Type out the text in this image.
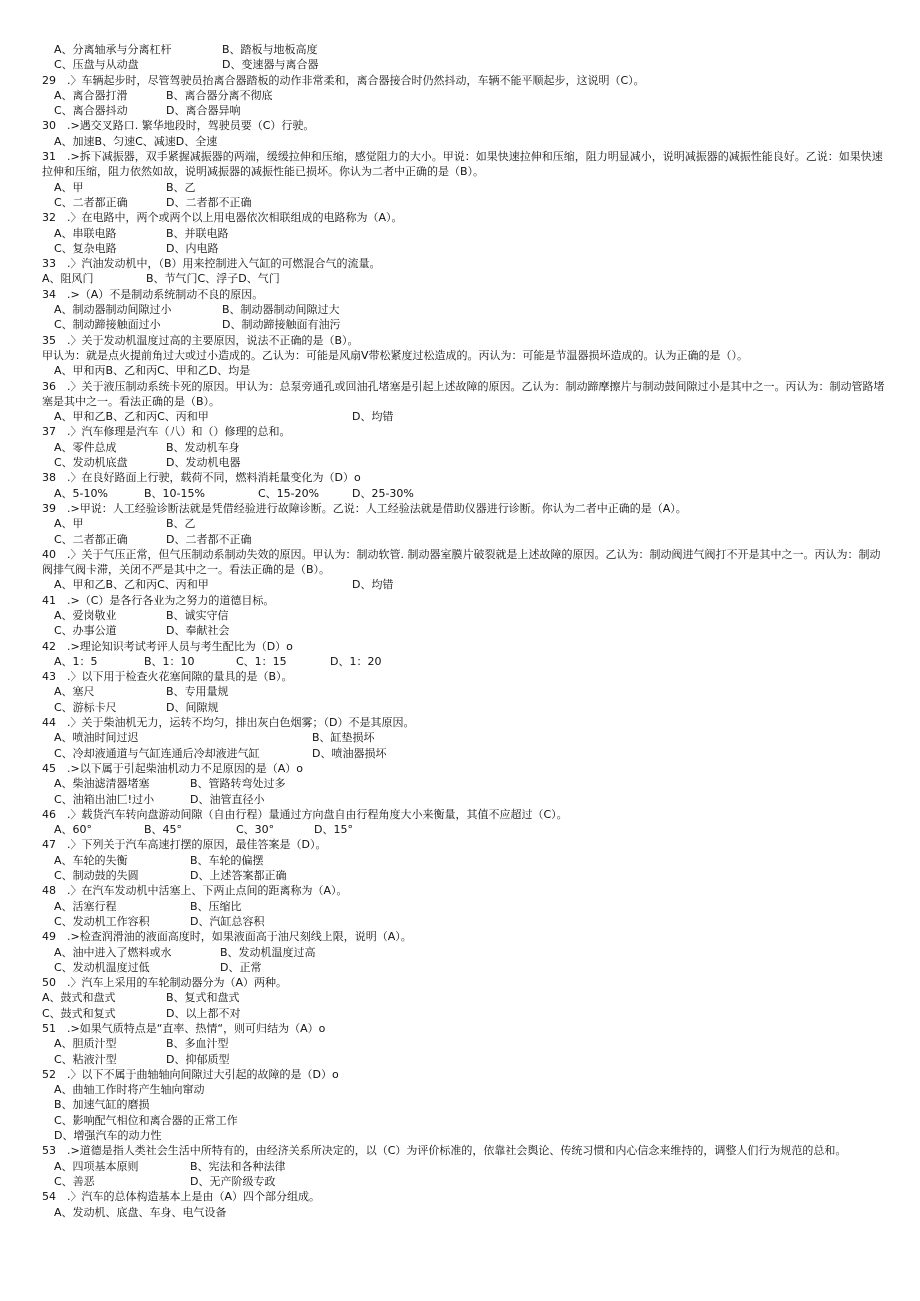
A、分离轴承与分离杠杆	B、踏板与地板高度
C、压盘与从动盘	D、变速器与离合器
29　.〉车辆起步时，尽管驾驶员抬离合器踏板的动作非常柔和，离合器接合时仍然抖动，车辆不能平顺起步，这说明（C）。
A、离合器打滑	B、离合器分离不彻底
C、离合器抖动	D、离合器异响
30　.>遇交叉路口. 繁华地段时，驾驶员要（C）行驶。
A、加速B、匀速C、减速D、全速
31　.>拆下减振器，双手紧握减振器的两端，缓缓拉伸和压缩，感觉阻力的大小。甲说：如果快速拉伸和压缩，阻力明显减小，说明减振器的减振性能良好。乙说：如果快速拉伸和压缩，阻力依然如故，说明减振器的减振性能已损坏。你认为二者中正确的是（B）。
A、甲	B、乙
C、二者都正确	D、二者都不正确
32　.〉在电路中，两个或两个以上用电器依次相联组成的电路称为（A）。
A、串联电路	B、并联电路
C、复杂电路	D、内电路
33　.〉汽油发动机中，（B）用来控制进入气缸的可燃混合气的流量。
A、阻风门	B、节气门C、浮子D、气门
34　.>（A）不是制动系统制动不良的原因。
A、制动器制动间隙过小	B、制动器制动间隙过大
C、制动蹄接触面过小	D、制动蹄接触面有油污
35　.〉关于发动机温度过高的主要原因，说法不正确的是（B）。
甲认为：就是点火提前角过大或过小造成的。乙认为：可能是风扇V带松紧度过松造成的。丙认为：可能是节温器损坏造成的。认为正确的是（）。
A、甲和丙B、乙和丙C、甲和乙D、均是
36　.〉关于液压制动系统卡死的原因。甲认为：总泵旁通孔或回油孔堵塞是引起上述故障的原因。乙认为：制动蹄摩擦片与制动鼓间隙过小是其中之一。丙认为：制动管路堵塞是其中之一。看法正确的是（B）。
A、甲和乙B、乙和丙C、丙和甲	D、均错
37　.〉汽车修理是汽车（八）和（）修理的总和。
A、零件总成	B、发动机车身
C、发动机底盘	D、发动机电器
38　.〉在良好路面上行驶，载荷不同，燃料消耗量变化为（D）o
A、5-10%	B、10-15%	C、15-20%	D、25-30%
39　.>甲说：人工经验诊断法就是凭借经验进行故障诊断。乙说：人工经验法就是借助仪器进行诊断。你认为二者中正确的是（A）。
A、甲	B、乙
C、二者都正确	D、二者都不正确
40　.〉关于气压正常，但气压制动系制动失效的原因。甲认为：制动软管. 制动器室膜片破裂就是上述故障的原因。乙认为：制动阀进气阀打不开是其中之一。丙认为：制动阀排气阀卡滞，关闭不严是其中之一。看法正确的是（B）。
A、甲和乙B、乙和丙C、丙和甲	D、均错
41　.>（C）是各行各业为之努力的道德目标。
A、爱岗敬业	B、诚实守信
C、办事公道	D、奉献社会
42　.>理论知识考试考评人员与考生配比为（D）o
A、1：5	B、1：10	C、1：15	D、1：20
43　.〉以下用于检查火花塞间隙的量具的是（B）。
A、塞尺	B、专用量规
C、游标卡尺	D、间隙规
44　.〉关于柴油机无力，运转不均匀，排出灰白色烟雾；（D）不是其原因。
A、喷油时间过迟	B、缸垫损坏
C、冷却液通道与气缸连通后冷却液进气缸	D、喷油器损坏
45　.>以下属于引起柴油机动力不足原因的是（A）o
A、柴油滤清器堵塞	B、管路转弯处过多
C、油箱出油匚!过小	D、油管直径小
46　.〉载货汽车转向盘游动间隙（自由行程）量通过方向盘自由行程角度大小来衡量，其值不应超过（C）。
A、60°	B、45°	C、30°	D、15°
47　.〉下列关于汽车高速打摆的原因，最佳答案是（D）。
A、车轮的失衡	B、车轮的偏摆
C、制动鼓的失圆	D、上述答案都正确
48　.〉在汽车发动机中活塞上、下两止点间的距离称为（A）。
A、活塞行程	B、压缩比
C、发动机工作容积	D、汽缸总容积
49　.>检查润滑油的液面高度时，如果液面高于油尺刻线上限，说明（A）。
A、油中进入了燃料或水	B、发动机温度过高
C、发动机温度过低	D、正常
50　.〉汽车上采用的车轮制动器分为（A）两种。
A、鼓式和盘式	B、复式和盘式
C、鼓式和复式	D、以上都不对
51　.>如果气质特点是“直率、热情“，则可归结为（A）o
A、胆质汁型	B、多血汁型
C、粘液汁型	D、抑郁质型
52　.〉以下不属于曲轴轴向间隙过大引起的故障的是（D）o
A、曲轴工作时将产生轴向窜动
B、加速气缸的磨损
C、影响配气相位和离合器的正常工作
D、增强汽车的动力性
53　.>道德是指人类社会生活中所特有的，由经济关系所决定的，以（C）为评价标准的，依靠社会舆论、传统习惯和内心信念来维持的，调整人们行为规范的总和。
A、四项基本原则	B、宪法和各种法律
C、善恶	D、无产阶级专政
54　.〉汽车的总体构造基本上是由（A）四个部分组成。
A、发动机、底盘、车身、电气设备
